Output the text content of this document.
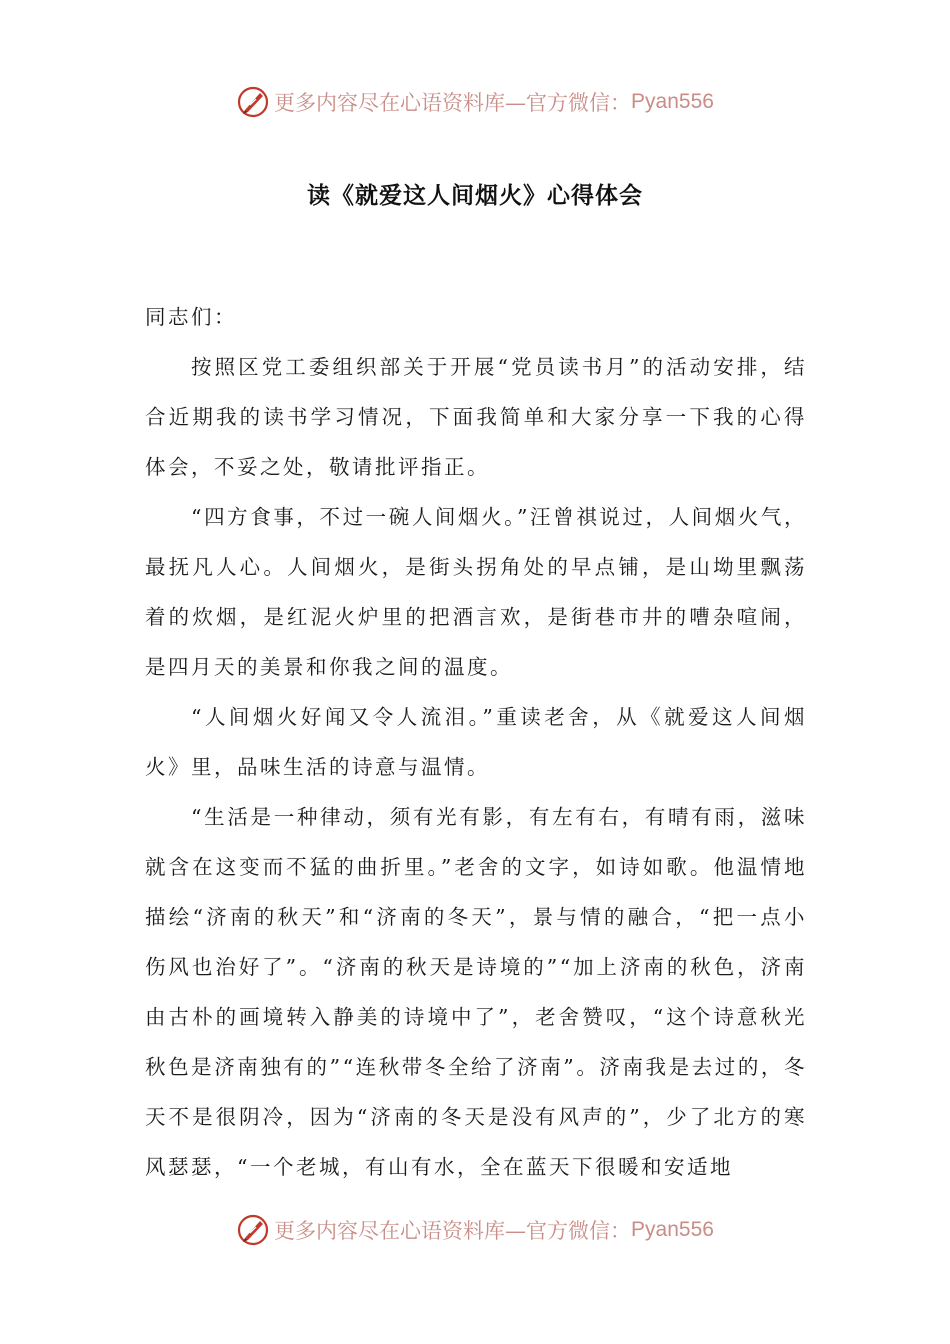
更多内容尽在心语资料库—官方微信： Pyan556
读《就爱这人间烟火》心得体会

同志们：

按照区党工委组织部关于开展“党员读书月”的活动安排，结合近期我的读书学习情况，下面我简单和大家分享一下我的心得体会，不妥之处，敬请批评指正。

“四方食事，不过一碗人间烟火。”汪曾祺说过，人间烟火气，最抚凡人心。人间烟火，是街头拐角处的早点铺，是山坳里飘荡着的炊烟，是红泥火炉里的把酒言欢，是街巷市井的嘈杂喧闹，是四月天的美景和你我之间的温度。

“人间烟火好闻又令人流泪。”重读老舍，从《就爱这人间烟火》里，品味生活的诗意与温情。

“生活是一种律动，须有光有影，有左有右，有晴有雨，滋味就含在这变而不猛的曲折里。”老舍的文字，如诗如歌。他温情地描绘“济南的秋天”和“济南的冬天”，景与情的融合，“把一点小伤风也治好了”。“济南的秋天是诗境的”“加上济南的秋色，济南由古朴的画境转入静美的诗境中了”，老舍赞叹，“这个诗意秋光秋色是济南独有的”“连秋带冬全给了济南”。济南我是去过的，冬天不是很阴冷，因为“济南的冬天是没有风声的”，少了北方的寒风瑟瑟，“一个老城，有山有水，全在蓝天下很暖和安适地

更多内容尽在心语资料库—官方微信： Pyan556
